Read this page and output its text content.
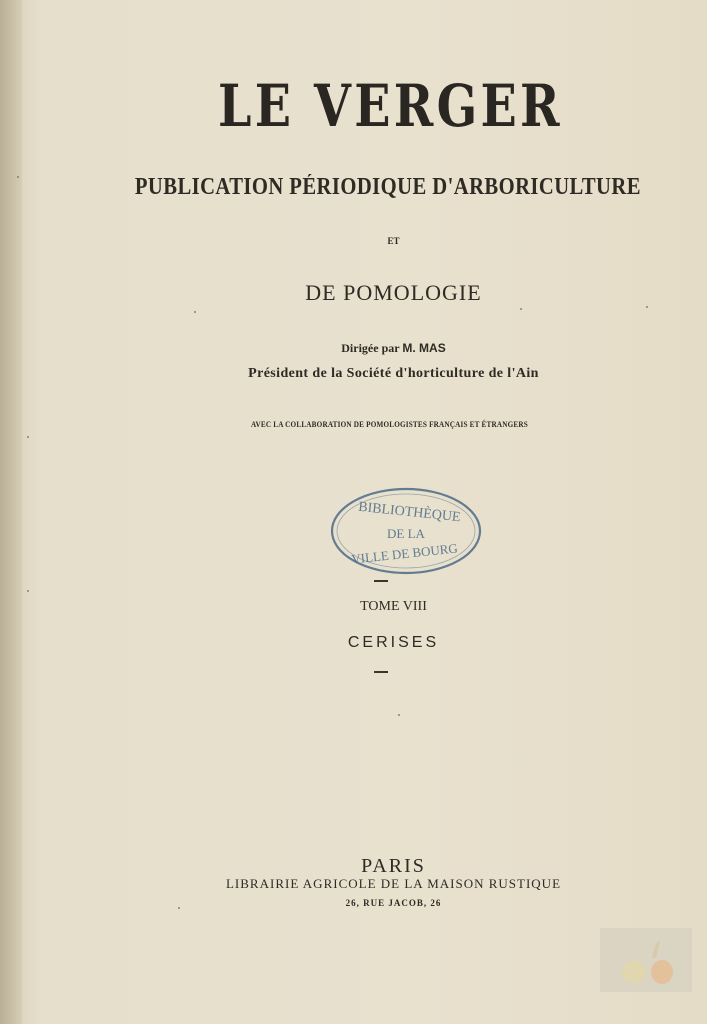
LE VERGER
PUBLICATION PÉRIODIQUE D'ARBORICULTURE
ET
DE POMOLOGIE
Dirigée par M. MAS
Président de la Société d'horticulture de l'Ain
AVEC LA COLLABORATION DE POMOLOGISTES FRANÇAIS ET ÉTRANGERS
BIBLIOTHÈQUE
DE LA
VILLE DE BOURG
TOME VIII
CERISES
PARIS
LIBRAIRIE AGRICOLE DE LA MAISON RUSTIQUE
26, RUE JACOB, 26
